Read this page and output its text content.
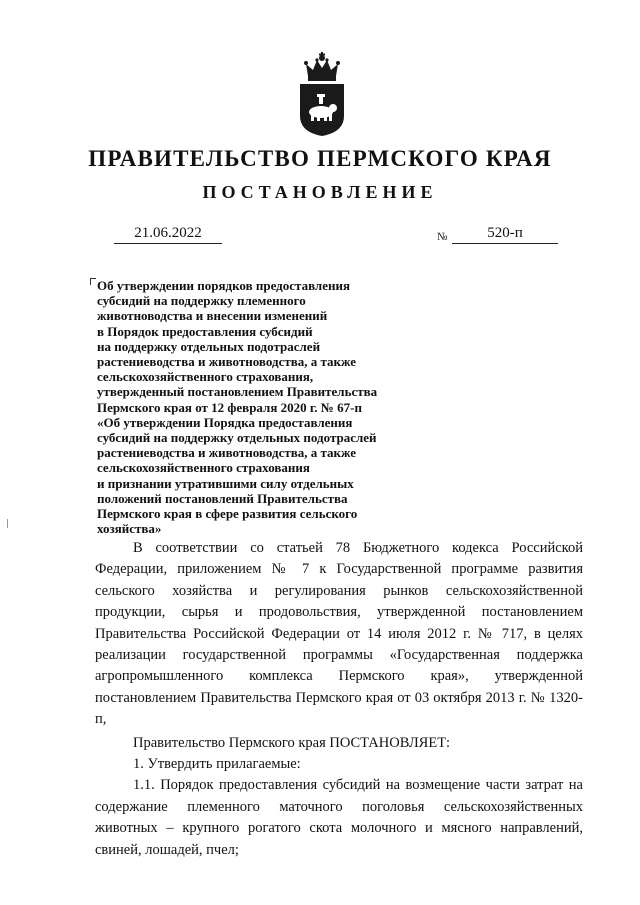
ПРАВИТЕЛЬСТВО ПЕРМСКОГО КРАЯ
ПОСТАНОВЛЕНИЕ
21.06.2022	№	520-п
Об утверждении порядков предоставления
субсидий на поддержку племенного
животноводства и внесении изменений
в Порядок предоставления субсидий
на поддержку отдельных подотраслей
растениеводства и животноводства, а также
сельскохозяйственного страхования,
утвержденный постановлением Правительства
Пермского края от 12 февраля 2020 г. № 67-п
«Об утверждении Порядка предоставления
субсидий на поддержку отдельных подотраслей
растениеводства и животноводства, а также
сельскохозяйственного страхования
и признании утратившими силу отдельных
положений постановлений Правительства
Пермского края в сфере развития сельского
хозяйства»

В соответствии со статьей 78 Бюджетного кодекса Российской Федерации, приложением № 7 к Государственной программе развития сельского хозяйства и регулирования рынков сельскохозяйственной продукции, сырья и продовольствия, утвержденной постановлением Правительства Российской Федерации от 14 июля 2012 г. № 717, в целях реализации государственной программы «Государственная поддержка агропромышленного комплекса Пермского края», утвержденной постановлением Правительства Пермского края от 03 октября 2013 г. № 1320-п,

Правительство Пермского края ПОСТАНОВЛЯЕТ:

1. Утвердить прилагаемые:

1.1. Порядок предоставления субсидий на возмещение части затрат на содержание племенного маточного поголовья сельскохозяйственных животных – крупного рогатого скота молочного и мясного направлений, свиней, лошадей, пчел;
